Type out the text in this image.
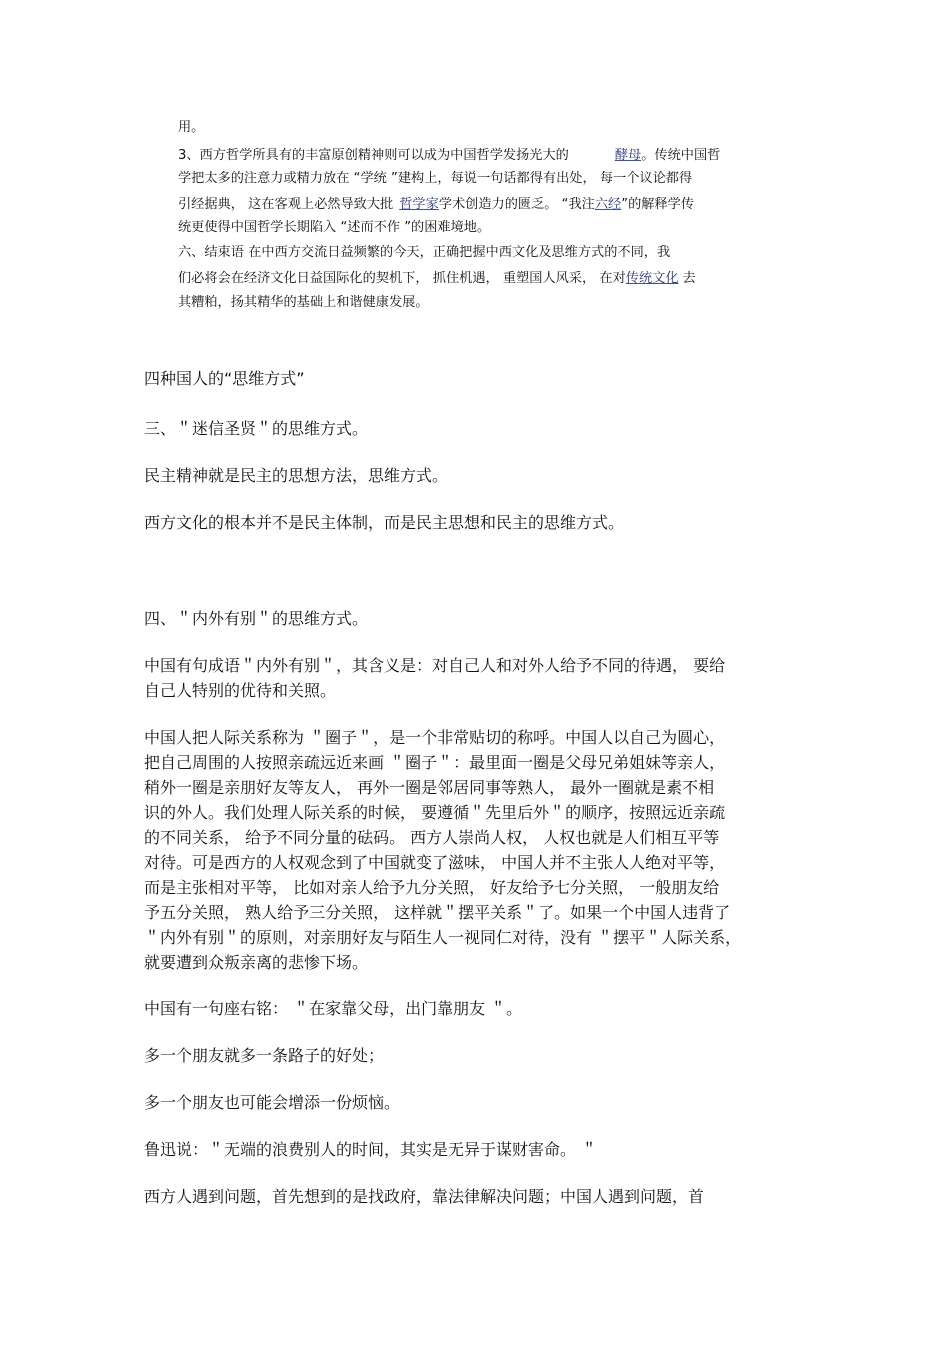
用。
3、西方哲学所具有的丰富原创精神则可以成为中国哲学发扬光大的	酵母。传统中国哲
学把太多的注意力或精力放在 “学统 ”建构上，每说一句话都得有出处， 每一个议论都得
引经据典， 这在客观上必然导致大批 哲学家学术创造力的匮乏。 “我注六经”的解释学传
统更使得中国哲学长期陷入 “述而不作 ”的困难境地。
六、结束语 在中西方交流日益频繁的今天，正确把握中西文化及思维方式的不同，我
们必将会在经济文化日益国际化的契机下， 抓住机遇， 重塑国人风采， 在对传统文化 去
其糟粕，扬其精华的基础上和谐健康发展。
四种国人的“思维方式”
三、＂迷信圣贤＂的思维方式。
民主精神就是民主的思想方法，思维方式。
西方文化的根本并不是民主体制，而是民主思想和民主的思维方式。
四、＂内外有别＂的思维方式。
中国有句成语＂内外有别＂，其含义是：对自己人和对外人给予不同的待遇， 要给
自己人特别的优待和关照。
中国人把人际关系称为 ＂圈子＂，是一个非常贴切的称呼。中国人以自己为圆心，
把自己周围的人按照亲疏远近来画 ＂圈子＂：最里面一圈是父母兄弟姐妹等亲人，
稍外一圈是亲朋好友等友人， 再外一圈是邻居同事等熟人， 最外一圈就是素不相
识的外人。我们处理人际关系的时候， 要遵循＂先里后外＂的顺序，按照远近亲疏
的不同关系， 给予不同分量的砝码。 西方人崇尚人权， 人权也就是人们相互平等
对待。可是西方的人权观念到了中国就变了滋味， 中国人并不主张人人绝对平等，
而是主张相对平等， 比如对亲人给予九分关照， 好友给予七分关照， 一般朋友给
予五分关照， 熟人给予三分关照， 这样就＂摆平关系＂了。如果一个中国人违背了
＂内外有别＂的原则，对亲朋好友与陌生人一视同仁对待，没有 ＂摆平＂人际关系，
就要遭到众叛亲离的悲惨下场。
中国有一句座右铭： ＂在家靠父母，出门靠朋友 ＂。
多一个朋友就多一条路子的好处；
多一个朋友也可能会增添一份烦恼。
鲁迅说：＂无端的浪费别人的时间，其实是无异于谋财害命。 ＂
西方人遇到问题，首先想到的是找政府，靠法律解决问题；中国人遇到问题，首
